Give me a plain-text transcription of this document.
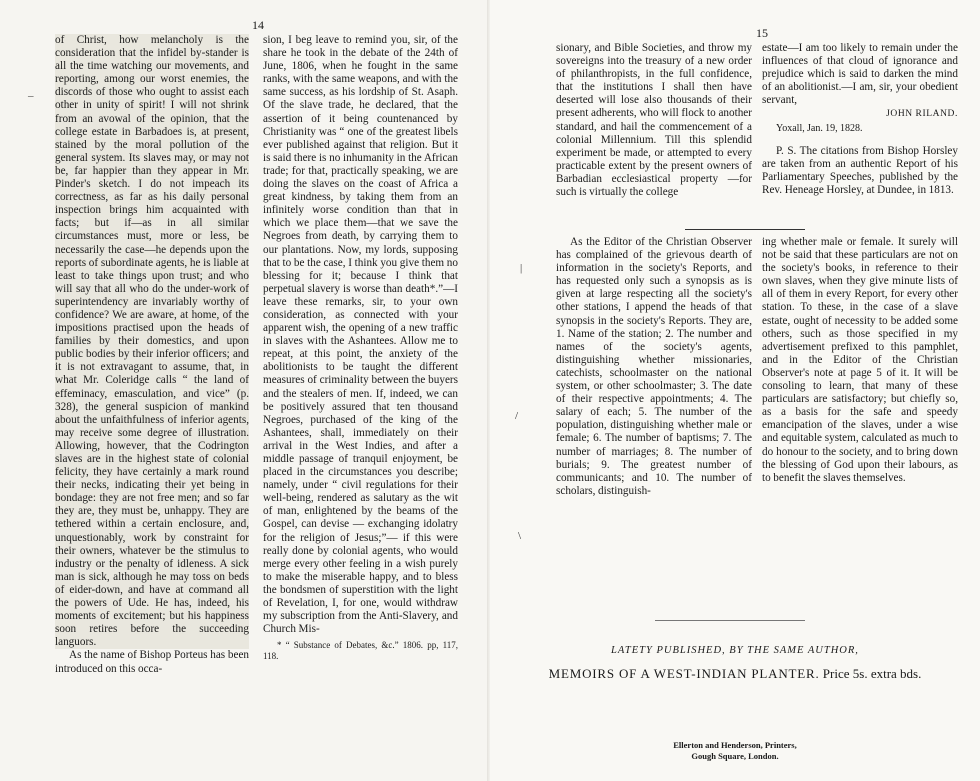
14

of Christ, how melancholy is the consideration that the infidel by-stander is all the time watching our movements, and reporting, among our worst enemies, the discords of those who ought to assist each other in unity of spirit! I will not shrink from an avowal of the opinion, that the college estate in Barbadoes is, at present, stained by the moral pollution of the general system. Its slaves may, or may not be, far happier than they appear in Mr. Pinder's sketch. I do not impeach its correctness, as far as his daily personal inspection brings him acquainted with facts; but if—as in all similar circumstances must, more or less, be necessarily the case—he depends upon the reports of subordinate agents, he is liable at least to take things upon trust; and who will say that all who do the under-work of superintendency are invariably worthy of confidence? We are aware, at home, of the impositions practised upon the heads of families by their domestics, and upon public bodies by their inferior officers; and it is not extravagant to assume, that, in what Mr. Coleridge calls “ the land of effeminacy, emasculation, and vice” (p. 328), the general suspicion of mankind about the unfaithfulness of inferior agents, may receive some degree of illustration. Allowing, however, that the Codrington slaves are in the highest state of colonial felicity, they have certainly a mark round their necks, indicating their yet being in bondage: they are not free men; and so far they are, they must be, unhappy. They are tethered within a certain enclosure, and, unquestionably, work by constraint for their owners, whatever be the stimulus to industry or the penalty of idleness. A sick man is sick, although he may toss on beds of eider-down, and have at command all the powers of Ude. He has, indeed, his moments of excitement; but his happiness soon retires before the succeeding languors.

As the name of Bishop Porteus has been introduced on this occa-

sion, I beg leave to remind you, sir, of the share he took in the debate of the 24th of June, 1806, when he fought in the same ranks, with the same weapons, and with the same success, as his lordship of St. Asaph. Of the slave trade, he declared, that the assertion of it being countenanced by Christianity was “ one of the greatest libels ever published against that religion. But it is said there is no inhumanity in the African trade; for that, practically speaking, we are doing the slaves on the coast of Africa a great kindness, by taking them from an infinitely worse condition than that in which we place them—that we save the Negroes from death, by carrying them to our plantations. Now, my lords, supposing that to be the case, I think you give them no blessing for it; because I think that perpetual slavery is worse than death*.”—I leave these remarks, sir, to your own consideration, as connected with your apparent wish, the opening of a new traffic in slaves with the Ashantees. Allow me to repeat, at this point, the anxiety of the abolitionists to be taught the different measures of criminality between the buyers and the stealers of men. If, indeed, we can be positively assured that ten thousand Negroes, purchased of the king of the Ashantees, shall, immediately on their arrival in the West Indies, and after a middle passage of tranquil enjoyment, be placed in the circumstances you describe; namely, under “ civil regulations for their well-being, rendered as salutary as the wit of man, enlightened by the beams of the Gospel, can devise — exchanging idolatry for the religion of Jesus;”— if this were really done by colonial agents, who would merge every other feeling in a wish purely to make the miserable happy, and to bless the bondsmen of superstition with the light of Revelation, I, for one, would withdraw my subscription from the Anti-Slavery, and Church Mis-

* “ Substance of Debates, &c.” 1806. pp, 117, 118.

–
15

sionary, and Bible Societies, and throw my sovereigns into the treasury of a new order of philanthropists, in the full confidence, that the institutions I shall then have deserted will lose also thousands of their present adherents, who will flock to another standard, and hail the commencement of a colonial Millennium. Till this splendid experiment be made, or attempted to every practicable extent by the present owners of Barbadian ecclesiastical property —for such is virtually the college

estate—I am too likely to remain under the influences of that cloud of ignorance and prejudice which is said to darken the mind of an abolitionist.—I am, sir, your obedient servant,

JOHN RILAND.

Yoxall, Jan. 19, 1828.

P. S. The citations from Bishop Horsley are taken from an authentic Report of his Parliamentary Speeches, published by the Rev. Heneage Horsley, at Dundee, in 1813.

As the Editor of the Christian Observer has complained of the grievous dearth of information in the society's Reports, and has requested only such a synopsis as is given at large respecting all the society's other stations, I append the heads of that synopsis in the society's Reports. They are, 1. Name of the station; 2. The number and names of the society's agents, distinguishing whether missionaries, catechists, schoolmaster on the national system, or other schoolmaster; 3. The date of their respective appointments; 4. The salary of each; 5. The number of the population, distinguishing whether male or female; 6. The number of baptisms; 7. The number of marriages; 8. The number of burials; 9. The greatest number of communicants; and 10. The number of scholars, distinguish-

ing whether male or female. It surely will not be said that these particulars are not on the society's books, in reference to their own slaves, when they give minute lists of all of them in every Report, for every other station. To these, in the case of a slave estate, ought of necessity to be added some others, such as those specified in my advertisement prefixed to this pamphlet, and in the Editor of the Christian Observer's note at page 5 of it. It will be consoling to learn, that many of these particulars are satisfactory; but chiefly so, as a basis for the safe and speedy emancipation of the slaves, under a wise and equitable system, calculated as much to do honour to the society, and to bring down the blessing of God upon their labours, as to benefit the slaves themselves.

|
/
\
LATETY PUBLISHED, BY THE SAME AUTHOR,
MEMOIRS OF A WEST-INDIAN PLANTER. Price 5s. extra bds.
Ellerton and Henderson, Printers,
Gough Square, London.
